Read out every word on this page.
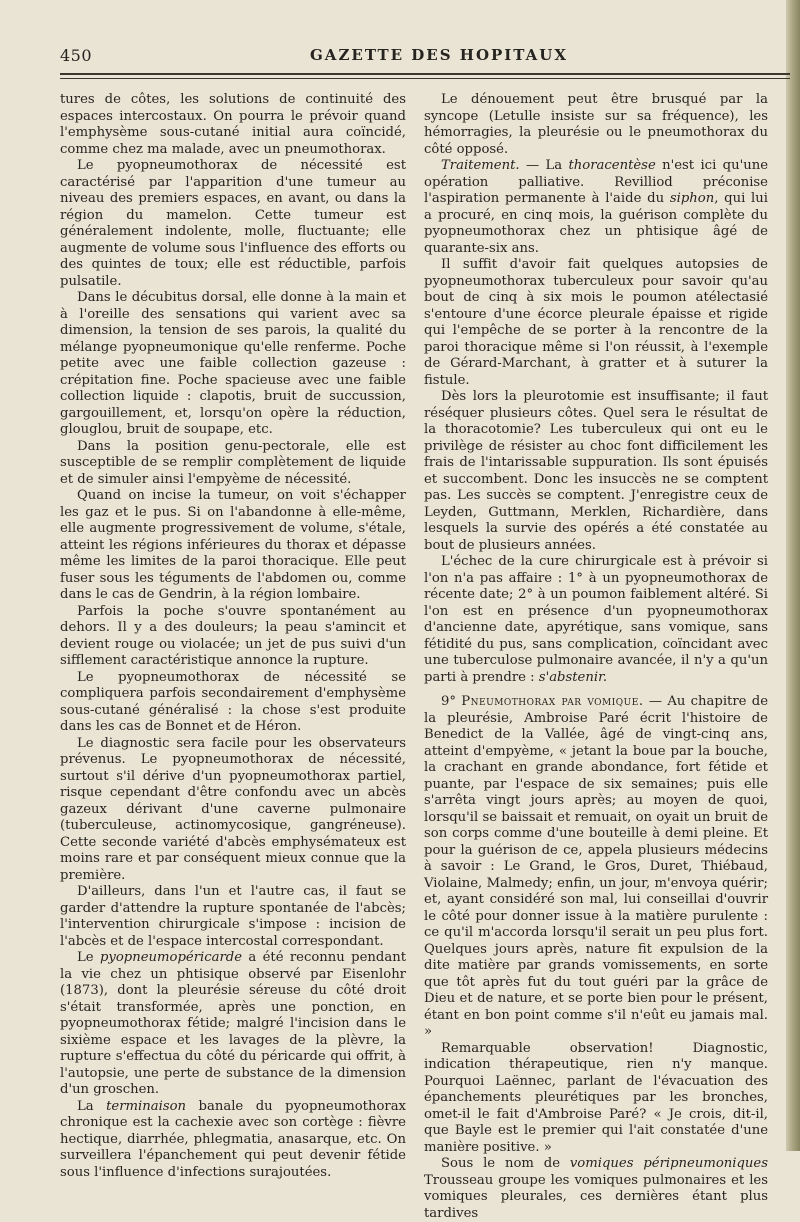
450	GAZETTE DES HOPITAUX

tures de côtes, les solutions de continuité des espaces intercostaux. On pourra le prévoir quand l'emphysème sous-cutané initial aura coïncidé, comme chez ma malade, avec un pneumothorax.

Le pyopneumothorax de nécessité est caractérisé par l'apparition d'une tumeur au niveau des premiers espaces, en avant, ou dans la région du mamelon. Cette tumeur est généralement indolente, molle, fluctuante; elle augmente de volume sous l'influence des efforts ou des quintes de toux; elle est réductible, parfois pulsatile.

Dans le décubitus dorsal, elle donne à la main et à l'oreille des sensations qui varient avec sa dimension, la tension de ses parois, la qualité du mélange pyopneumonique qu'elle renferme. Poche petite avec une faible collection gazeuse : crépitation fine. Poche spacieuse avec une faible collection liquide : clapotis, bruit de succussion, gargouillement, et, lorsqu'on opère la réduction, glouglou, bruit de soupape, etc.

Dans la position genu-pectorale, elle est susceptible de se remplir complètement de liquide et de simuler ainsi l'empyème de nécessité.

Quand on incise la tumeur, on voit s'échapper les gaz et le pus. Si on l'abandonne à elle-même, elle augmente progressivement de volume, s'étale, atteint les régions inférieures du thorax et dépasse même les limites de la paroi thoracique. Elle peut fuser sous les téguments de l'abdomen ou, comme dans le cas de Gendrin, à la région lombaire.

Parfois la poche s'ouvre spontanément au dehors. Il y a des douleurs; la peau s'amincit et devient rouge ou violacée; un jet de pus suivi d'un sifflement caractéristique annonce la rupture.

Le pyopneumothorax de nécessité se compliquera parfois secondairement d'emphysème sous-cutané généralisé : la chose s'est produite dans les cas de Bonnet et de Héron.

Le diagnostic sera facile pour les observateurs prévenus. Le pyopneumothorax de nécessité, surtout s'il dérive d'un pyopneumothorax partiel, risque cependant d'être confondu avec un abcès gazeux dérivant d'une caverne pulmonaire (tuberculeuse, actinomycosique, gangréneuse). Cette seconde variété d'abcès emphysémateux est moins rare et par conséquent mieux connue que la première.

D'ailleurs, dans l'un et l'autre cas, il faut se garder d'attendre la rupture spontanée de l'abcès; l'intervention chirurgicale s'impose : incision de l'abcès et de l'espace intercostal correspondant.

Le pyopneumopéricarde a été reconnu pendant la vie chez un phtisique observé par Eisenlohr (1873), dont la pleurésie séreuse du côté droit s'était transformée, après une ponction, en pyopneumothorax fétide; malgré l'incision dans le sixième espace et les lavages de la plèvre, la rupture s'effectua du côté du péricarde qui offrit, à l'autopsie, une perte de substance de la dimension d'un groschen.

La terminaison banale du pyopneumothorax chronique est la cachexie avec son cortège : fièvre hectique, diarrhée, phlegmatia, anasarque, etc. On surveillera l'épanchement qui peut devenir fétide sous l'influence d'infections surajoutées.

Le dénouement peut être brusqué par la syncope (Letulle insiste sur sa fréquence), les hémorragies, la pleurésie ou le pneumothorax du côté opposé.

Traitement. — La thoracentèse n'est ici qu'une opération palliative. Revilliod préconise l'aspiration permanente à l'aide du siphon, qui lui a procuré, en cinq mois, la guérison complète du pyopneumothorax chez un phtisique âgé de quarante-six ans.

Il suffit d'avoir fait quelques autopsies de pyopneumothorax tuberculeux pour savoir qu'au bout de cinq à six mois le poumon atélectasié s'entoure d'une écorce pleurale épaisse et rigide qui l'empêche de se porter à la rencontre de la paroi thoracique même si l'on réussit, à l'exemple de Gérard-Marchant, à gratter et à suturer la fistule.

Dès lors la pleurotomie est insuffisante; il faut réséquer plusieurs côtes. Quel sera le résultat de la thoracotomie? Les tuberculeux qui ont eu le privilège de résister au choc font difficilement les frais de l'intarissable suppuration. Ils sont épuisés et succombent. Donc les insuccès ne se comptent pas. Les succès se comptent. J'enregistre ceux de Leyden, Guttmann, Merklen, Richardière, dans lesquels la survie des opérés a été constatée au bout de plusieurs années.

L'échec de la cure chirurgicale est à prévoir si l'on n'a pas affaire : 1° à un pyopneumothorax de récente date; 2° à un poumon faiblement altéré. Si l'on est en présence d'un pyopneumothorax d'ancienne date, apyrétique, sans vomique, sans fétidité du pus, sans complication, coïncidant avec une tuberculose pulmonaire avancée, il n'y a qu'un parti à prendre : s'abstenir.

9° Pneumothorax par vomique. — Au chapitre de la pleurésie, Ambroise Paré écrit l'histoire de Benedict de la Vallée, âgé de vingt-cinq ans, atteint d'empyème, « jetant la boue par la bouche, la crachant en grande abondance, fort fétide et puante, par l'espace de six semaines; puis elle s'arrêta vingt jours après; au moyen de quoi, lorsqu'il se baissait et remuait, on oyait un bruit de son corps comme d'une bouteille à demi pleine. Et pour la guérison de ce, appela plusieurs médecins à savoir : Le Grand, le Gros, Duret, Thiébaud, Violaine, Malmedy; enfin, un jour, m'envoya quérir; et, ayant considéré son mal, lui conseillai d'ouvrir le côté pour donner issue à la matière purulente : ce qu'il m'accorda lorsqu'il serait un peu plus fort. Quelques jours après, nature fit expulsion de la dite matière par grands vomissements, en sorte que tôt après fut du tout guéri par la grâce de Dieu et de nature, et se porte bien pour le présent, étant en bon point comme s'il n'eût eu jamais mal. »

Remarquable observation! Diagnostic, indication thérapeutique, rien n'y manque. Pourquoi Laënnec, parlant de l'évacuation des épanchements pleurétiques par les bronches, omet-il le fait d'Ambroise Paré? « Je crois, dit-il, que Bayle est le premier qui l'ait constatée d'une manière positive. »

Sous le nom de vomiques péripneumoniques Trousseau groupe les vomiques pulmonaires et les vomiques pleurales, ces dernières étant plus tardives
